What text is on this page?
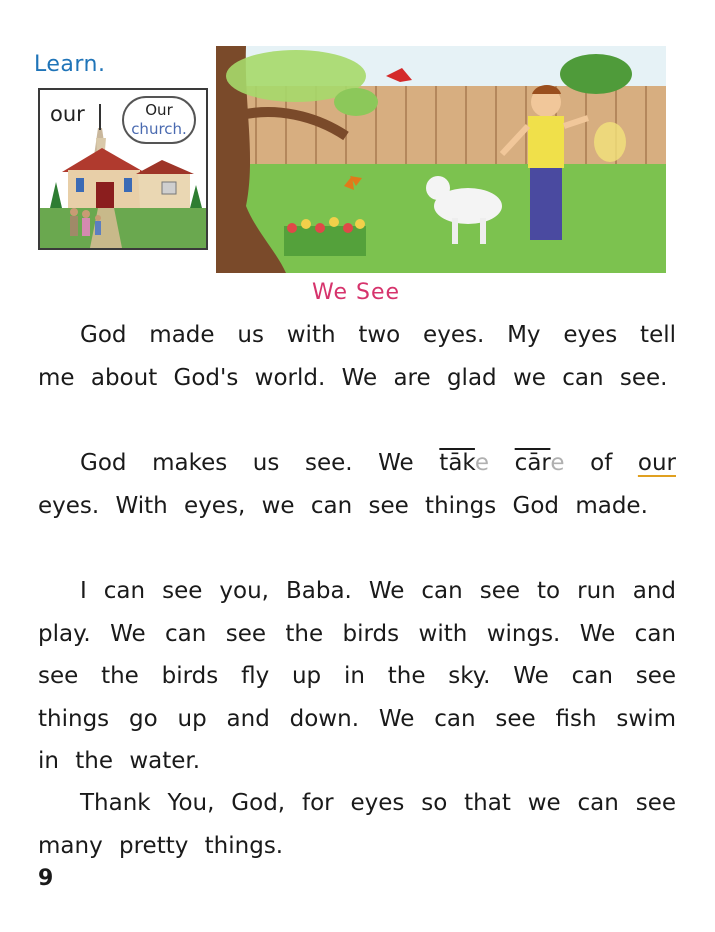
Learn.
our	Our
church.
We See

God made us with two eyes. My eyes tell me about God's world. We are glad we can see.

God makes us see. We $\overline{tāk}e$ $\overline{cār}e$ of our eyes. With eyes, we can see things God made.

I can see you, Baba. We can see to run and play. We can see the birds with wings. We can see the birds fly up in the sky. We can see things go up and down. We can see fish swim in the water.

Thank You, God, for eyes so that we can see many pretty things.

9
